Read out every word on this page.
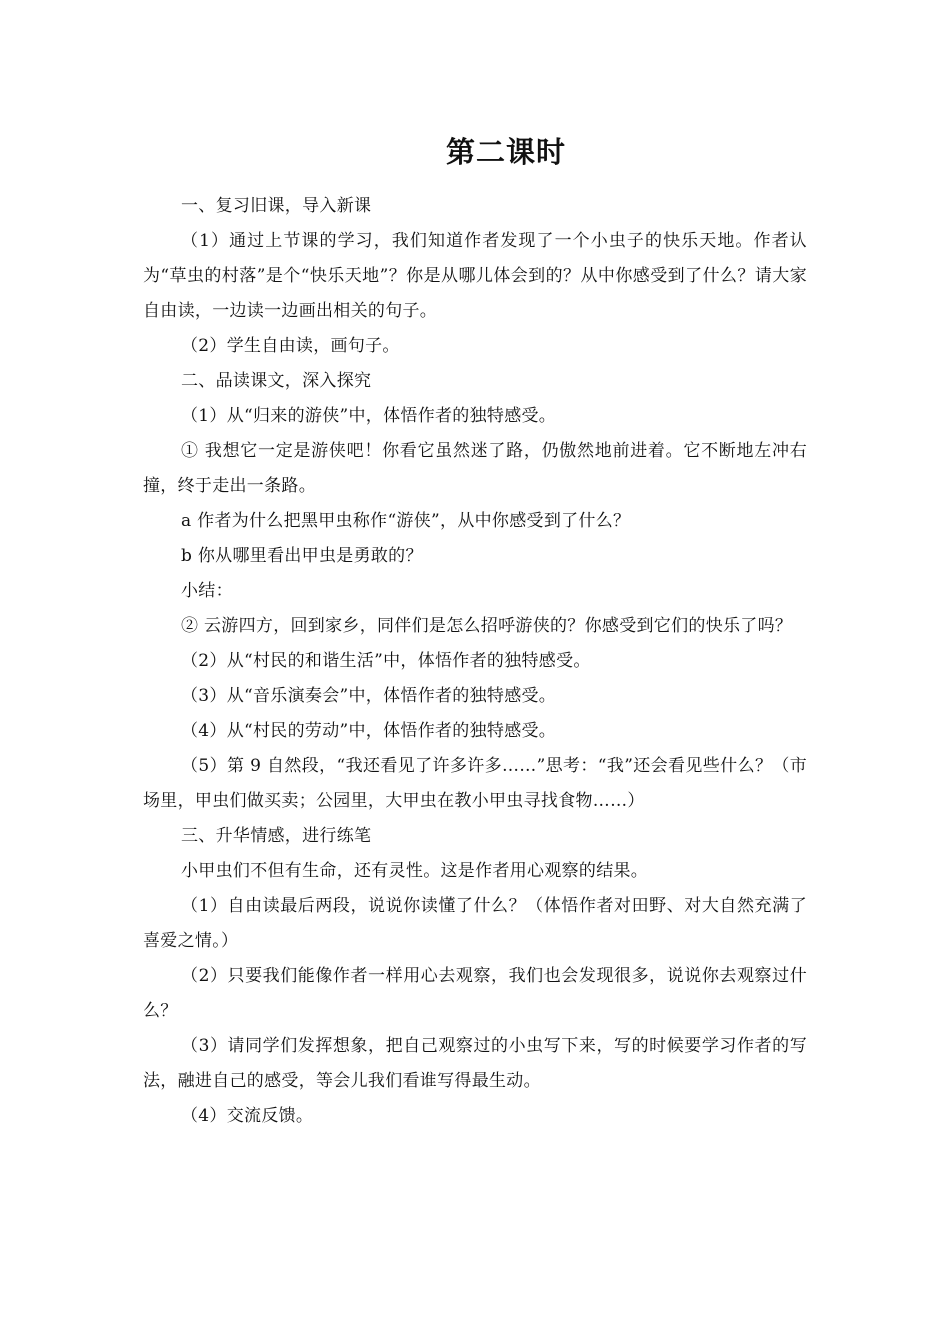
第二课时

一、复习旧课，导入新课

（1）通过上节课的学习，我们知道作者发现了一个小虫子的快乐天地。作者认为“草虫的村落”是个“快乐天地”？你是从哪儿体会到的？从中你感受到了什么？请大家自由读，一边读一边画出相关的句子。

（2）学生自由读，画句子。

二、品读课文，深入探究

（1）从“归来的游侠”中，体悟作者的独特感受。

① 我想它一定是游侠吧！你看它虽然迷了路，仍傲然地前进着。它不断地左冲右撞，终于走出一条路。

a 作者为什么把黑甲虫称作“游侠”，从中你感受到了什么？

b 你从哪里看出甲虫是勇敢的？

小结：

② 云游四方，回到家乡，同伴们是怎么招呼游侠的？你感受到它们的快乐了吗？

（2）从“村民的和谐生活”中，体悟作者的独特感受。

（3）从“音乐演奏会”中，体悟作者的独特感受。

（4）从“村民的劳动”中，体悟作者的独特感受。

（5）第 9 自然段，“我还看见了许多许多……”思考：“我”还会看见些什么？（市场里，甲虫们做买卖；公园里，大甲虫在教小甲虫寻找食物……）

三、升华情感，进行练笔

小甲虫们不但有生命，还有灵性。这是作者用心观察的结果。

（1）自由读最后两段，说说你读懂了什么？（体悟作者对田野、对大自然充满了喜爱之情。）

（2）只要我们能像作者一样用心去观察，我们也会发现很多，说说你去观察过什么？

（3）请同学们发挥想象，把自己观察过的小虫写下来，写的时候要学习作者的写法，融进自己的感受，等会儿我们看谁写得最生动。

（4）交流反馈。
